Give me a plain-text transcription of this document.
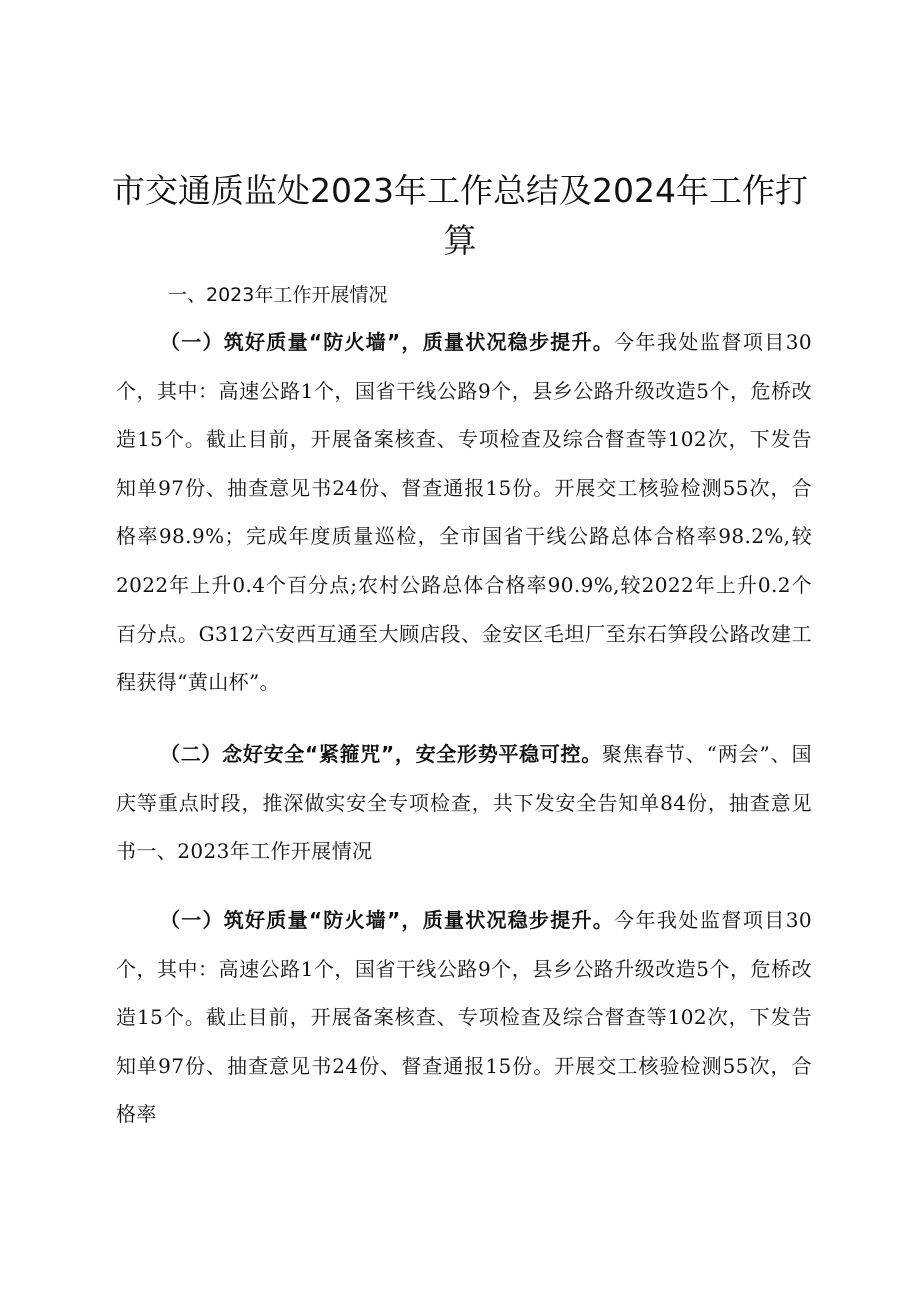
市交通质监处2023年工作总结及2024年工作打算
一、2023年工作开展情况

（一）筑好质量“防火墙”，质量状况稳步提升。今年我处监督项目30个，其中：高速公路1个，国省干线公路9个，县乡公路升级改造5个，危桥改造15个。截止目前，开展备案核查、专项检查及综合督查等102次，下发告知单97份、抽查意见书24份、督查通报15份。开展交工核验检测55次，合格率98.9%；完成年度质量巡检，全市国省干线公路总体合格率98.2%,较2022年上升0.4个百分点;农村公路总体合格率90.9%,较2022年上升0.2个百分点。G312六安西互通至大顾店段、金安区毛坦厂至东石笋段公路改建工程获得“黄山杯”。

（二）念好安全“紧箍咒”，安全形势平稳可控。聚焦春节、“两会”、国庆等重点时段，推深做实安全专项检查，共下发安全告知单84份，抽查意见书一、2023年工作开展情况

（一）筑好质量“防火墙”，质量状况稳步提升。今年我处监督项目30个，其中：高速公路1个，国省干线公路9个，县乡公路升级改造5个，危桥改造15个。截止目前，开展备案核查、专项检查及综合督查等102次，下发告知单97份、抽查意见书24份、督查通报15份。开展交工核验检测55次，合格率
